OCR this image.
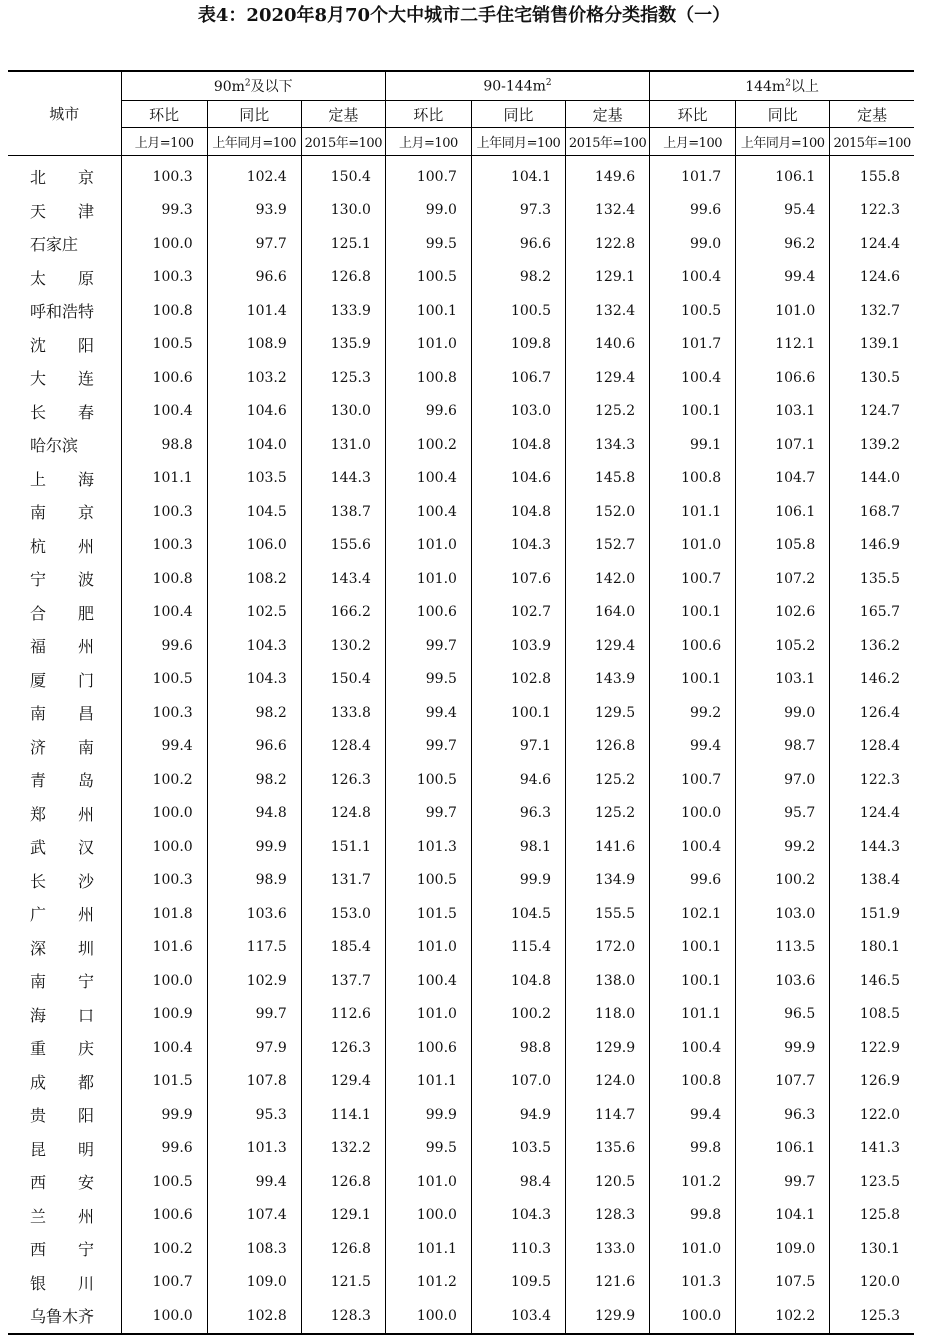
表4：2020年8月70个大中城市二手住宅销售价格分类指数（一）
城市	$90m^2$及以下			$90-144m^2$			$144m^2$以上		
	环比	同比	定基	环比	同比	定基	环比	同比	定基
	上月=100	上年同月=100	2015年=100	上月=100	上年同月=100	2015年=100	上月=100	上年同月=100	2015年=100
北　　京	100.3	102.4	150.4	100.7	104.1	149.6	101.7	106.1	155.8
天　　津	99.3	93.9	130.0	99.0	97.3	132.4	99.6	95.4	122.3
石家庄	100.0	97.7	125.1	99.5	96.6	122.8	99.0	96.2	124.4
太　　原	100.3	96.6	126.8	100.5	98.2	129.1	100.4	99.4	124.6
呼和浩特	100.8	101.4	133.9	100.1	100.5	132.4	100.5	101.0	132.7
沈　　阳	100.5	108.9	135.9	101.0	109.8	140.6	101.7	112.1	139.1
大　　连	100.6	103.2	125.3	100.8	106.7	129.4	100.4	106.6	130.5
长　　春	100.4	104.6	130.0	99.6	103.0	125.2	100.1	103.1	124.7
哈尔滨	98.8	104.0	131.0	100.2	104.8	134.3	99.1	107.1	139.2
上　　海	101.1	103.5	144.3	100.4	104.6	145.8	100.8	104.7	144.0
南　　京	100.3	104.5	138.7	100.4	104.8	152.0	101.1	106.1	168.7
杭　　州	100.3	106.0	155.6	101.0	104.3	152.7	101.0	105.8	146.9
宁　　波	100.8	108.2	143.4	101.0	107.6	142.0	100.7	107.2	135.5
合　　肥	100.4	102.5	166.2	100.6	102.7	164.0	100.1	102.6	165.7
福　　州	99.6	104.3	130.2	99.7	103.9	129.4	100.6	105.2	136.2
厦　　门	100.5	104.3	150.4	99.5	102.8	143.9	100.1	103.1	146.2
南　　昌	100.3	98.2	133.8	99.4	100.1	129.5	99.2	99.0	126.4
济　　南	99.4	96.6	128.4	99.7	97.1	126.8	99.4	98.7	128.4
青　　岛	100.2	98.2	126.3	100.5	94.6	125.2	100.7	97.0	122.3
郑　　州	100.0	94.8	124.8	99.7	96.3	125.2	100.0	95.7	124.4
武　　汉	100.0	99.9	151.1	101.3	98.1	141.6	100.4	99.2	144.3
长　　沙	100.3	98.9	131.7	100.5	99.9	134.9	99.6	100.2	138.4
广　　州	101.8	103.6	153.0	101.5	104.5	155.5	102.1	103.0	151.9
深　　圳	101.6	117.5	185.4	101.0	115.4	172.0	100.1	113.5	180.1
南　　宁	100.0	102.9	137.7	100.4	104.8	138.0	100.1	103.6	146.5
海　　口	100.9	99.7	112.6	101.0	100.2	118.0	101.1	96.5	108.5
重　　庆	100.4	97.9	126.3	100.6	98.8	129.9	100.4	99.9	122.9
成　　都	101.5	107.8	129.4	101.1	107.0	124.0	100.8	107.7	126.9
贵　　阳	99.9	95.3	114.1	99.9	94.9	114.7	99.4	96.3	122.0
昆　　明	99.6	101.3	132.2	99.5	103.5	135.6	99.8	106.1	141.3
西　　安	100.5	99.4	126.8	101.0	98.4	120.5	101.2	99.7	123.5
兰　　州	100.6	107.4	129.1	100.0	104.3	128.3	99.8	104.1	125.8
西　　宁	100.2	108.3	126.8	101.1	110.3	133.0	101.0	109.0	130.1
银　　川	100.7	109.0	121.5	101.2	109.5	121.6	101.3	107.5	120.0
乌鲁木齐	100.0	102.8	128.3	100.0	103.4	129.9	100.0	102.2	125.3
